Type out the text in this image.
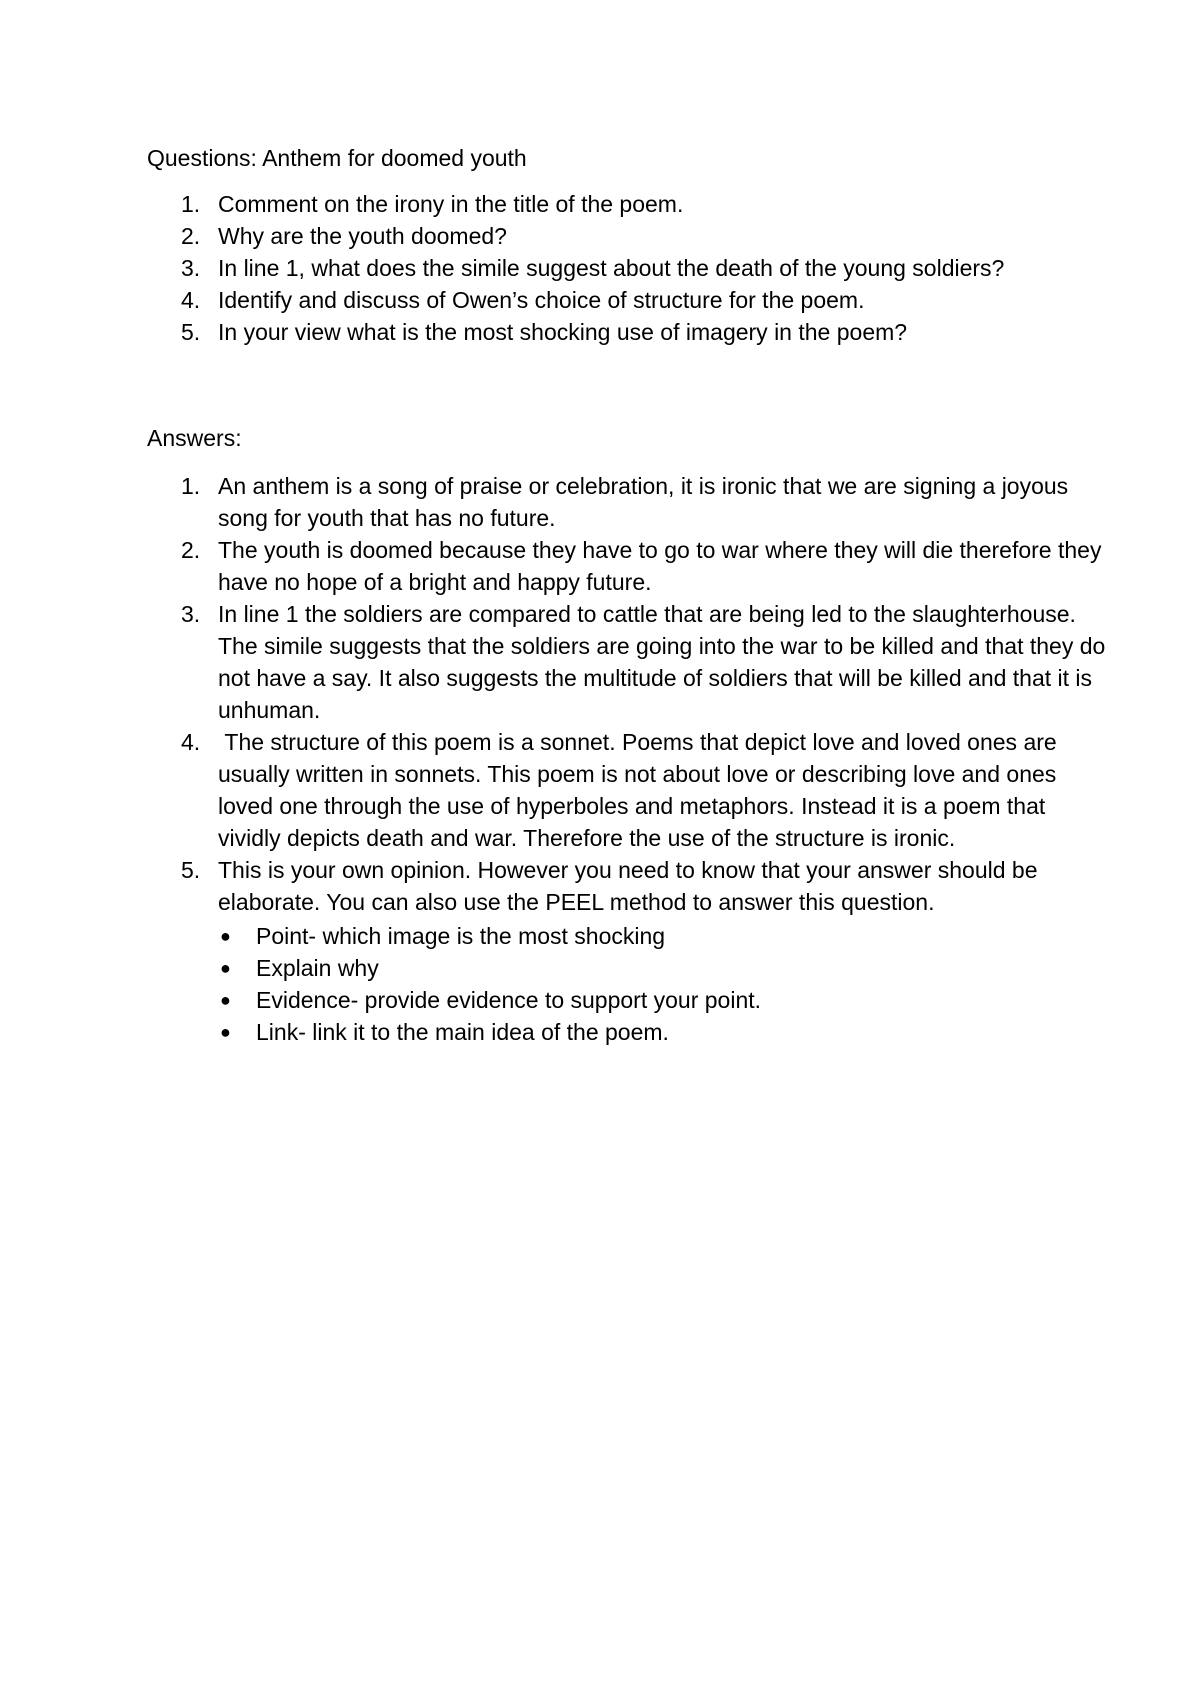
Questions: Anthem for doomed youth

1. Comment on the irony in the title of the poem.
2. Why are the youth doomed?
3. In line 1, what does the simile suggest about the death of the young soldiers?
4. Identify and discuss of Owen’s choice of structure for the poem.
5. In your view what is the most shocking use of imagery in the poem?

Answers:

1. An anthem is a song of praise or celebration, it is ironic that we are signing a joyous song for youth that has no future.
2. The youth is doomed because they have to go to war where they will die therefore they have no hope of a bright and happy future.
3. In line 1 the soldiers are compared to cattle that are being led to the slaughterhouse. The simile suggests that the soldiers are going into the war to be killed and that they do not have a say. It also suggests the multitude of soldiers that will be killed and that it is unhuman.
4. The structure of this poem is a sonnet. Poems that depict love and loved ones are usually written in sonnets. This poem is not about love or describing love and ones loved one through the use of hyperboles and metaphors. Instead it is a poem that vividly depicts death and war. Therefore the use of the structure is ironic.
5. This is your own opinion. However you need to know that your answer should be elaborate. You can also use the PEEL method to answer this question.
● Point- which image is the most shocking
● Explain why
● Evidence- provide evidence to support your point.
● Link- link it to the main idea of the poem.
